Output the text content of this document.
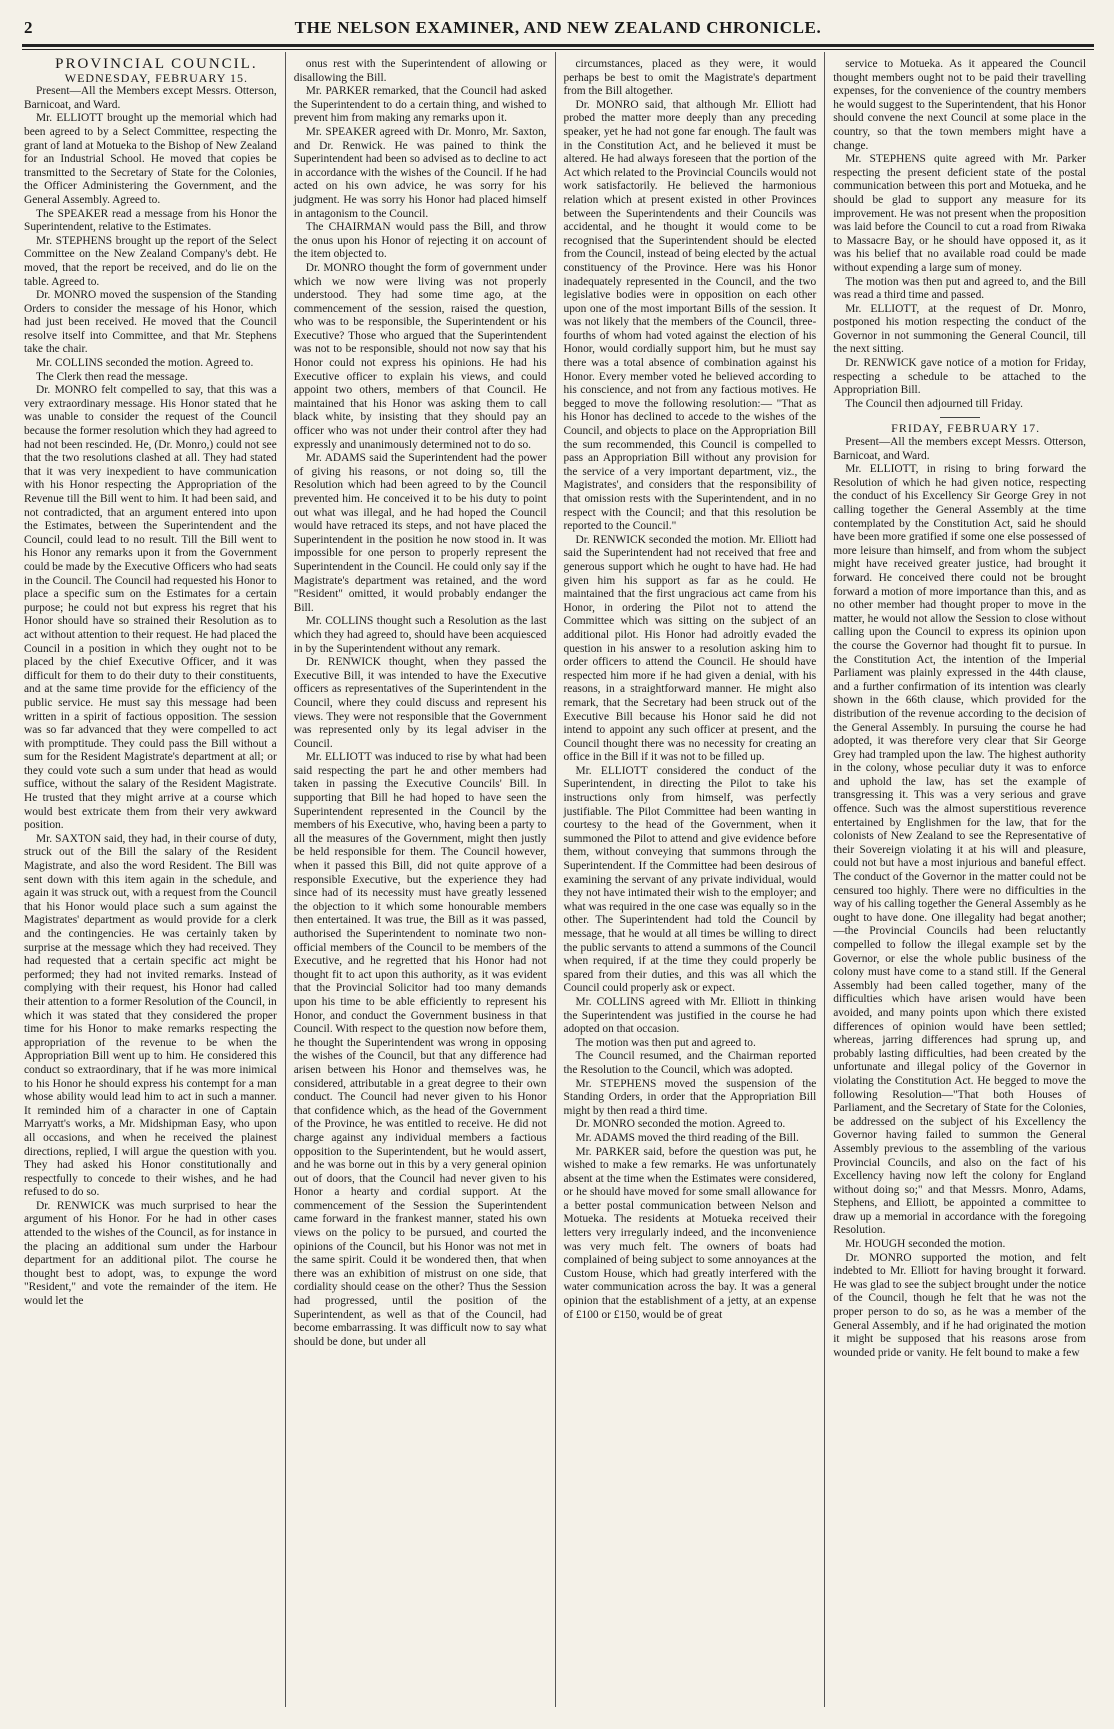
2	THE NELSON EXAMINER, AND NEW ZEALAND CHRONICLE.

PROVINCIAL COUNCIL.

WEDNESDAY, FEBRUARY 15.

Present—All the Members except Messrs. Otterson, Barnicoat, and Ward.

Mr. ELLIOTT brought up the memorial which had been agreed to by a Select Committee, respecting the grant of land at Motueka to the Bishop of New Zealand for an Industrial School. He moved that copies be transmitted to the Secretary of State for the Colonies, the Officer Administering the Government, and the General Assembly. Agreed to.

The SPEAKER read a message from his Honor the Superintendent, relative to the Estimates.

Mr. STEPHENS brought up the report of the Select Committee on the New Zealand Company's debt. He moved, that the report be received, and do lie on the table. Agreed to.

Dr. MONRO moved the suspension of the Standing Orders to consider the message of his Honor, which had just been received. He moved that the Council resolve itself into Committee, and that Mr. Stephens take the chair.

Mr. COLLINS seconded the motion. Agreed to.

The Clerk then read the message.

Dr. MONRO felt compelled to say, that this was a very extraordinary message. His Honor stated that he was unable to consider the request of the Council because the former resolution which they had agreed to had not been rescinded. He, (Dr. Monro,) could not see that the two resolutions clashed at all. They had stated that it was very inexpedient to have communication with his Honor respecting the Appropriation of the Revenue till the Bill went to him. It had been said, and not contradicted, that an argument entered into upon the Estimates, between the Superintendent and the Council, could lead to no result. Till the Bill went to his Honor any remarks upon it from the Government could be made by the Executive Officers who had seats in the Council. The Council had requested his Honor to place a specific sum on the Estimates for a certain purpose; he could not but express his regret that his Honor should have so strained their Resolution as to act without attention to their request. He had placed the Council in a position in which they ought not to be placed by the chief Executive Officer, and it was difficult for them to do their duty to their constituents, and at the same time provide for the efficiency of the public service. He must say this message had been written in a spirit of factious opposition. The session was so far advanced that they were compelled to act with promptitude. They could pass the Bill without a sum for the Resident Magistrate's department at all; or they could vote such a sum under that head as would suffice, without the salary of the Resident Magistrate. He trusted that they might arrive at a course which would best extricate them from their very awkward position.

Mr. SAXTON said, they had, in their course of duty, struck out of the Bill the salary of the Resident Magistrate, and also the word Resident. The Bill was sent down with this item again in the schedule, and again it was struck out, with a request from the Council that his Honor would place such a sum against the Magistrates' department as would provide for a clerk and the contingencies. He was certainly taken by surprise at the message which they had received. They had requested that a certain specific act might be performed; they had not invited remarks. Instead of complying with their request, his Honor had called their attention to a former Resolution of the Council, in which it was stated that they considered the proper time for his Honor to make remarks respecting the appropriation of the revenue to be when the Appropriation Bill went up to him. He considered this conduct so extraordinary, that if he was more inimical to his Honor he should express his contempt for a man whose ability would lead him to act in such a manner. It reminded him of a character in one of Captain Marryatt's works, a Mr. Midshipman Easy, who upon all occasions, and when he received the plainest directions, replied, I will argue the question with you. They had asked his Honor constitutionally and respectfully to concede to their wishes, and he had refused to do so.

Dr. RENWICK was much surprised to hear the argument of his Honor. For he had in other cases attended to the wishes of the Council, as for instance in the placing an additional sum under the Harbour department for an additional pilot. The course he thought best to adopt, was, to expunge the word "Resident," and vote the remainder of the item. He would let the

onus rest with the Superintendent of allowing or disallowing the Bill.

Mr. PARKER remarked, that the Council had asked the Superintendent to do a certain thing, and wished to prevent him from making any remarks upon it.

Mr. SPEAKER agreed with Dr. Monro, Mr. Saxton, and Dr. Renwick. He was pained to think the Superintendent had been so advised as to decline to act in accordance with the wishes of the Council. If he had acted on his own advice, he was sorry for his judgment. He was sorry his Honor had placed himself in antagonism to the Council.

The CHAIRMAN would pass the Bill, and throw the onus upon his Honor of rejecting it on account of the item objected to.

Dr. MONRO thought the form of government under which we now were living was not properly understood. They had some time ago, at the commencement of the session, raised the question, who was to be responsible, the Superintendent or his Executive? Those who argued that the Superintendent was not to be responsible, should not now say that his Honor could not express his opinions. He had his Executive officer to explain his views, and could appoint two others, members of that Council. He maintained that his Honor was asking them to call black white, by insisting that they should pay an officer who was not under their control after they had expressly and unanimously determined not to do so.

Mr. ADAMS said the Superintendent had the power of giving his reasons, or not doing so, till the Resolution which had been agreed to by the Council prevented him. He conceived it to be his duty to point out what was illegal, and he had hoped the Council would have retraced its steps, and not have placed the Superintendent in the position he now stood in. It was impossible for one person to properly represent the Superintendent in the Council. He could only say if the Magistrate's department was retained, and the word "Resident" omitted, it would probably endanger the Bill.

Mr. COLLINS thought such a Resolution as the last which they had agreed to, should have been acquiesced in by the Superintendent without any remark.

Dr. RENWICK thought, when they passed the Executive Bill, it was intended to have the Executive officers as representatives of the Superintendent in the Council, where they could discuss and represent his views. They were not responsible that the Government was represented only by its legal adviser in the Council.

Mr. ELLIOTT was induced to rise by what had been said respecting the part he and other members had taken in passing the Executive Councils' Bill. In supporting that Bill he had hoped to have seen the Superintendent represented in the Council by the members of his Executive, who, having been a party to all the measures of the Government, might then justly be held responsible for them. The Council however, when it passed this Bill, did not quite approve of a responsible Executive, but the experience they had since had of its necessity must have greatly lessened the objection to it which some honourable members then entertained. It was true, the Bill as it was passed, authorised the Superintendent to nominate two non-official members of the Council to be members of the Executive, and he regretted that his Honor had not thought fit to act upon this authority, as it was evident that the Provincial Solicitor had too many demands upon his time to be able efficiently to represent his Honor, and conduct the Government business in that Council. With respect to the question now before them, he thought the Superintendent was wrong in opposing the wishes of the Council, but that any difference had arisen between his Honor and themselves was, he considered, attributable in a great degree to their own conduct. The Council had never given to his Honor that confidence which, as the head of the Government of the Province, he was entitled to receive. He did not charge against any individual members a factious opposition to the Superintendent, but he would assert, and he was borne out in this by a very general opinion out of doors, that the Council had never given to his Honor a hearty and cordial support. At the commencement of the Session the Superintendent came forward in the frankest manner, stated his own views on the policy to be pursued, and courted the opinions of the Council, but his Honor was not met in the same spirit. Could it be wondered then, that when there was an exhibition of mistrust on one side, that cordiality should cease on the other? Thus the Session had progressed, until the position of the Superintendent, as well as that of the Council, had become embarrassing. It was difficult now to say what should be done, but under all

circumstances, placed as they were, it would perhaps be best to omit the Magistrate's department from the Bill altogether.

Dr. MONRO said, that although Mr. Elliott had probed the matter more deeply than any preceding speaker, yet he had not gone far enough. The fault was in the Constitution Act, and he believed it must be altered. He had always foreseen that the portion of the Act which related to the Provincial Councils would not work satisfactorily. He believed the harmonious relation which at present existed in other Provinces between the Superintendents and their Councils was accidental, and he thought it would come to be recognised that the Superintendent should be elected from the Council, instead of being elected by the actual constituency of the Province. Here was his Honor inadequately represented in the Council, and the two legislative bodies were in opposition on each other upon one of the most important Bills of the session. It was not likely that the members of the Council, three-fourths of whom had voted against the election of his Honor, would cordially support him, but he must say there was a total absence of combination against his Honor. Every member voted he believed according to his conscience, and not from any factious motives. He begged to move the following resolution:— "That as his Honor has declined to accede to the wishes of the Council, and objects to place on the Appropriation Bill the sum recommended, this Council is compelled to pass an Appropriation Bill without any provision for the service of a very important department, viz., the Magistrates', and considers that the responsibility of that omission rests with the Superintendent, and in no respect with the Council; and that this resolution be reported to the Council."

Dr. RENWICK seconded the motion. Mr. Elliott had said the Superintendent had not received that free and generous support which he ought to have had. He had given him his support as far as he could. He maintained that the first ungracious act came from his Honor, in ordering the Pilot not to attend the Committee which was sitting on the subject of an additional pilot. His Honor had adroitly evaded the question in his answer to a resolution asking him to order officers to attend the Council. He should have respected him more if he had given a denial, with his reasons, in a straightforward manner. He might also remark, that the Secretary had been struck out of the Executive Bill because his Honor said he did not intend to appoint any such officer at present, and the Council thought there was no necessity for creating an office in the Bill if it was not to be filled up.

Mr. ELLIOTT considered the conduct of the Superintendent, in directing the Pilot to take his instructions only from himself, was perfectly justifiable. The Pilot Committee had been wanting in courtesy to the head of the Government, when it summoned the Pilot to attend and give evidence before them, without conveying that summons through the Superintendent. If the Committee had been desirous of examining the servant of any private individual, would they not have intimated their wish to the employer; and what was required in the one case was equally so in the other. The Superintendent had told the Council by message, that he would at all times be willing to direct the public servants to attend a summons of the Council when required, if at the time they could properly be spared from their duties, and this was all which the Council could properly ask or expect.

Mr. COLLINS agreed with Mr. Elliott in thinking the Superintendent was justified in the course he had adopted on that occasion.

The motion was then put and agreed to.

The Council resumed, and the Chairman reported the Resolution to the Council, which was adopted.

Mr. STEPHENS moved the suspension of the Standing Orders, in order that the Appropriation Bill might by then read a third time.

Dr. MONRO seconded the motion. Agreed to.

Mr. ADAMS moved the third reading of the Bill.

Mr. PARKER said, before the question was put, he wished to make a few remarks. He was unfortunately absent at the time when the Estimates were considered, or he should have moved for some small allowance for a better postal communication between Nelson and Motueka. The residents at Motueka received their letters very irregularly indeed, and the inconvenience was very much felt. The owners of boats had complained of being subject to some annoyances at the Custom House, which had greatly interfered with the water communication across the bay. It was a general opinion that the establishment of a jetty, at an expense of £100 or £150, would be of great

service to Motueka. As it appeared the Council thought members ought not to be paid their travelling expenses, for the convenience of the country members he would suggest to the Superintendent, that his Honor should convene the next Council at some place in the country, so that the town members might have a change.

Mr. STEPHENS quite agreed with Mr. Parker respecting the present deficient state of the postal communication between this port and Motueka, and he should be glad to support any measure for its improvement. He was not present when the proposition was laid before the Council to cut a road from Riwaka to Massacre Bay, or he should have opposed it, as it was his belief that no available road could be made without expending a large sum of money.

The motion was then put and agreed to, and the Bill was read a third time and passed.

Mr. ELLIOTT, at the request of Dr. Monro, postponed his motion respecting the conduct of the Governor in not summoning the General Council, till the next sitting.

Dr. RENWICK gave notice of a motion for Friday, respecting a schedule to be attached to the Appropriation Bill.

The Council then adjourned till Friday.

FRIDAY, FEBRUARY 17.

Present—All the members except Messrs. Otterson, Barnicoat, and Ward.

Mr. ELLIOTT, in rising to bring forward the Resolution of which he had given notice, respecting the conduct of his Excellency Sir George Grey in not calling together the General Assembly at the time contemplated by the Constitution Act, said he should have been more gratified if some one else possessed of more leisure than himself, and from whom the subject might have received greater justice, had brought it forward. He conceived there could not be brought forward a motion of more importance than this, and as no other member had thought proper to move in the matter, he would not allow the Session to close without calling upon the Council to express its opinion upon the course the Governor had thought fit to pursue. In the Constitution Act, the intention of the Imperial Parliament was plainly expressed in the 44th clause, and a further confirmation of its intention was clearly shown in the 66th clause, which provided for the distribution of the revenue according to the decision of the General Assembly. In pursuing the course he had adopted, it was therefore very clear that Sir George Grey had trampled upon the law. The highest authority in the colony, whose peculiar duty it was to enforce and uphold the law, has set the example of transgressing it. This was a very serious and grave offence. Such was the almost superstitious reverence entertained by Englishmen for the law, that for the colonists of New Zealand to see the Representative of their Sovereign violating it at his will and pleasure, could not but have a most injurious and baneful effect. The conduct of the Governor in the matter could not be censured too highly. There were no difficulties in the way of his calling together the General Assembly as he ought to have done. One illegality had begat another;—the Provincial Councils had been reluctantly compelled to follow the illegal example set by the Governor, or else the whole public business of the colony must have come to a stand still. If the General Assembly had been called together, many of the difficulties which have arisen would have been avoided, and many points upon which there existed differences of opinion would have been settled; whereas, jarring differences had sprung up, and probably lasting difficulties, had been created by the unfortunate and illegal policy of the Governor in violating the Constitution Act. He begged to move the following Resolution—"That both Houses of Parliament, and the Secretary of State for the Colonies, be addressed on the subject of his Excellency the Governor having failed to summon the General Assembly previous to the assembling of the various Provincial Councils, and also on the fact of his Excellency having now left the colony for England without doing so;" and that Messrs. Monro, Adams, Stephens, and Elliott, be appointed a committee to draw up a memorial in accordance with the foregoing Resolution.

Mr. HOUGH seconded the motion.

Dr. MONRO supported the motion, and felt indebted to Mr. Elliott for having brought it forward. He was glad to see the subject brought under the notice of the Council, though he felt that he was not the proper person to do so, as he was a member of the General Assembly, and if he had originated the motion it might be supposed that his reasons arose from wounded pride or vanity. He felt bound to make a few
